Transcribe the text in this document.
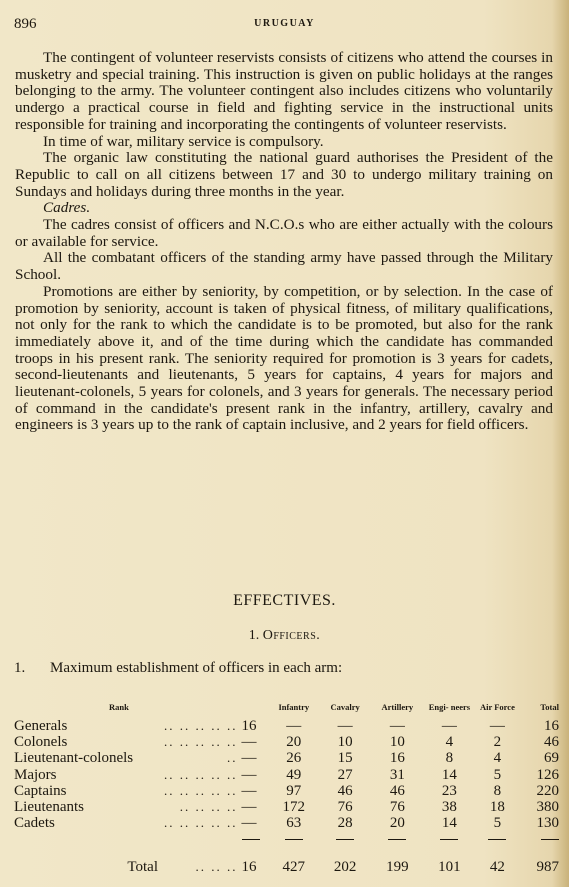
896	URUGUAY

The contingent of volunteer reservists consists of citizens who attend the courses in musketry and special training. This instruction is given on public holidays at the ranges belonging to the army. The volunteer contingent also includes citizens who voluntarily undergo a practical course in field and fighting service in the instructional units responsible for training and incorporating the contingents of volunteer reservists.

In time of war, military service is compulsory.

The organic law constituting the national guard authorises the President of the Republic to call on all citizens between 17 and 30 to undergo military training on Sundays and holidays during three months in the year.

Cadres.

The cadres consist of officers and N.C.O.s who are either actually with the colours or available for service.

All the combatant officers of the standing army have passed through the Military School.

Promotions are either by seniority, by competition, or by selection. In the case of promotion by seniority, account is taken of physical fitness, of military qualifications, not only for the rank to which the candidate is to be promoted, but also for the rank immediately above it, and of the time during which the candidate has commanded troops in his present rank. The seniority required for promotion is 3 years for cadets, second-lieutenants and lieutenants, 5 years for captains, 4 years for majors and lieutenant-colonels, 5 years for colonels, and 3 years for generals. The necessary period of command in the candidate's present rank in the infantry, artillery, cavalry and engineers is 3 years up to the rank of captain inclusive, and 2 years for field officers.

EFFECTIVES.
1. Officers.
1. Maximum establishment of officers in each arm:
Rank			Infantry	Cavalry	Artillery	Engi- neers	Air Force	Total
Generals	.. .. .. .. ..	16	—	—	—	—	—	16
Colonels	.. .. .. .. ..	—	20	10	10	4	2	46
Lieutenant-colonels	..	—	26	15	16	8	4	69
Majors	.. .. .. .. ..	—	49	27	31	14	5	126
Captains	.. .. .. .. ..	—	97	46	46	23	8	220
Lieutenants	.. .. .. ..	—	172	76	76	38	18	380
Cadets	.. .. .. .. ..	—	63	28	20	14	5	130

Total	.. .. ..	16	427	202	199	101	42	987
